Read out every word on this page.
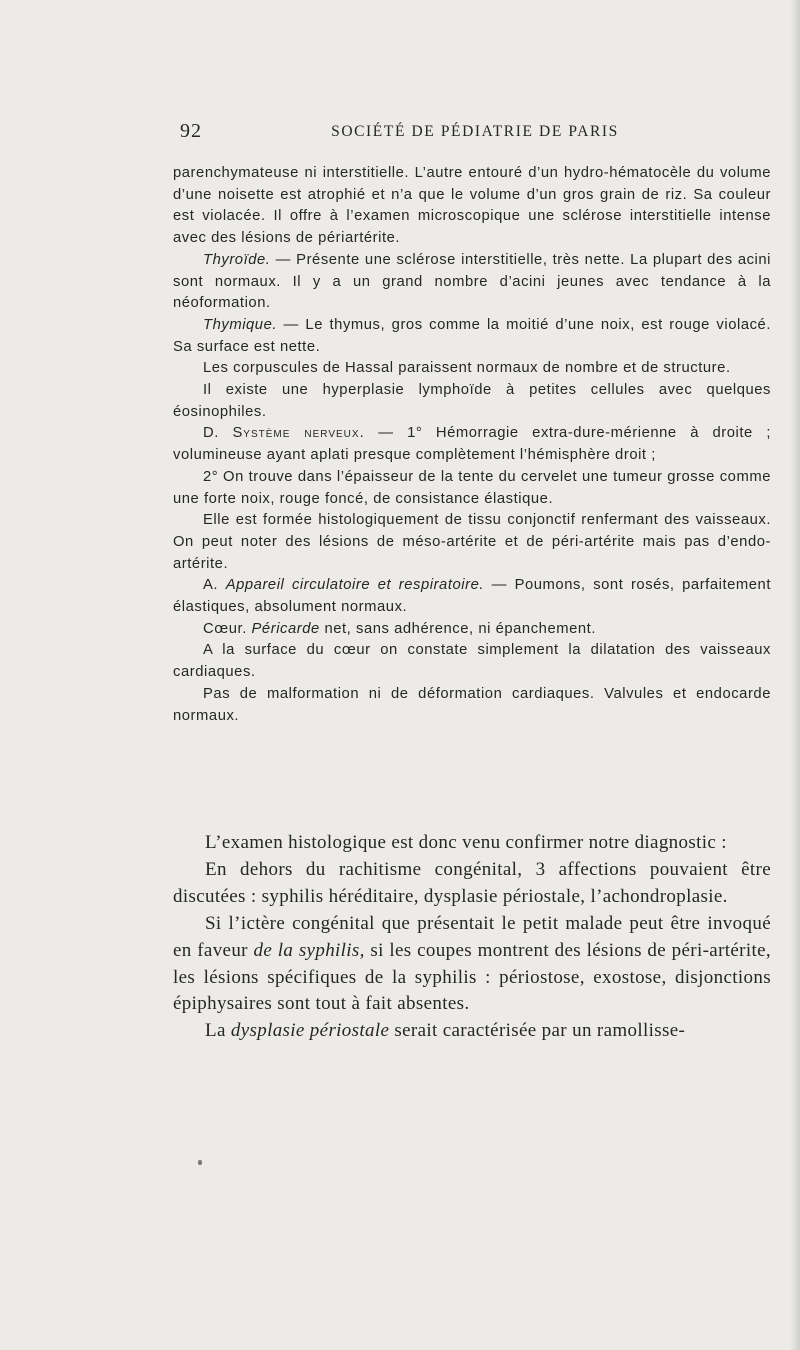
92	SOCIÉTÉ DE PÉDIATRIE DE PARIS

parenchymateuse ni interstitielle. L’autre entouré d’un hydro-hématocèle du volume d’une noisette est atrophié et n’a que le volume d’un gros grain de riz. Sa couleur est violacée. Il offre à l’examen microscopique une sclérose interstitielle intense avec des lésions de périartérite.

Thyroïde. — Présente une sclérose interstitielle, très nette. La plupart des acini sont normaux. Il y a un grand nombre d’acini jeunes avec tendance à la néoformation.

Thymique. — Le thymus, gros comme la moitié d’une noix, est rouge violacé. Sa surface est nette.

Les corpuscules de Hassal paraissent normaux de nombre et de structure.

Il existe une hyperplasie lymphoïde à petites cellules avec quelques éosinophiles.

D. Système nerveux. — 1° Hémorragie extra-dure-mérienne à droite ; volumineuse ayant aplati presque complètement l’hémisphère droit ;

2° On trouve dans l’épaisseur de la tente du cervelet une tumeur grosse comme une forte noix, rouge foncé, de consistance élastique.

Elle est formée histologiquement de tissu conjonctif renfermant des vaisseaux. On peut noter des lésions de méso-artérite et de péri-artérite mais pas d’endo-artérite.

A. Appareil circulatoire et respiratoire. — Poumons, sont rosés, parfaitement élastiques, absolument normaux.

Cœur. Péricarde net, sans adhérence, ni épanchement.

A la surface du cœur on constate simplement la dilatation des vaisseaux cardiaques.

Pas de malformation ni de déformation cardiaques. Valvules et endocarde normaux.

L’examen histologique est donc venu confirmer notre diagnostic :

En dehors du rachitisme congénital, 3 affections pouvaient être discutées : syphilis héréditaire, dysplasie périostale, l’achondroplasie.

Si l’ictère congénital que présentait le petit malade peut être invoqué en faveur de la syphilis, si les coupes montrent des lésions de péri-artérite, les lésions spécifiques de la syphilis : périostose, exostose, disjonctions épiphysaires sont tout à fait absentes.

La dysplasie périostale serait caractérisée par un ramollisse-
